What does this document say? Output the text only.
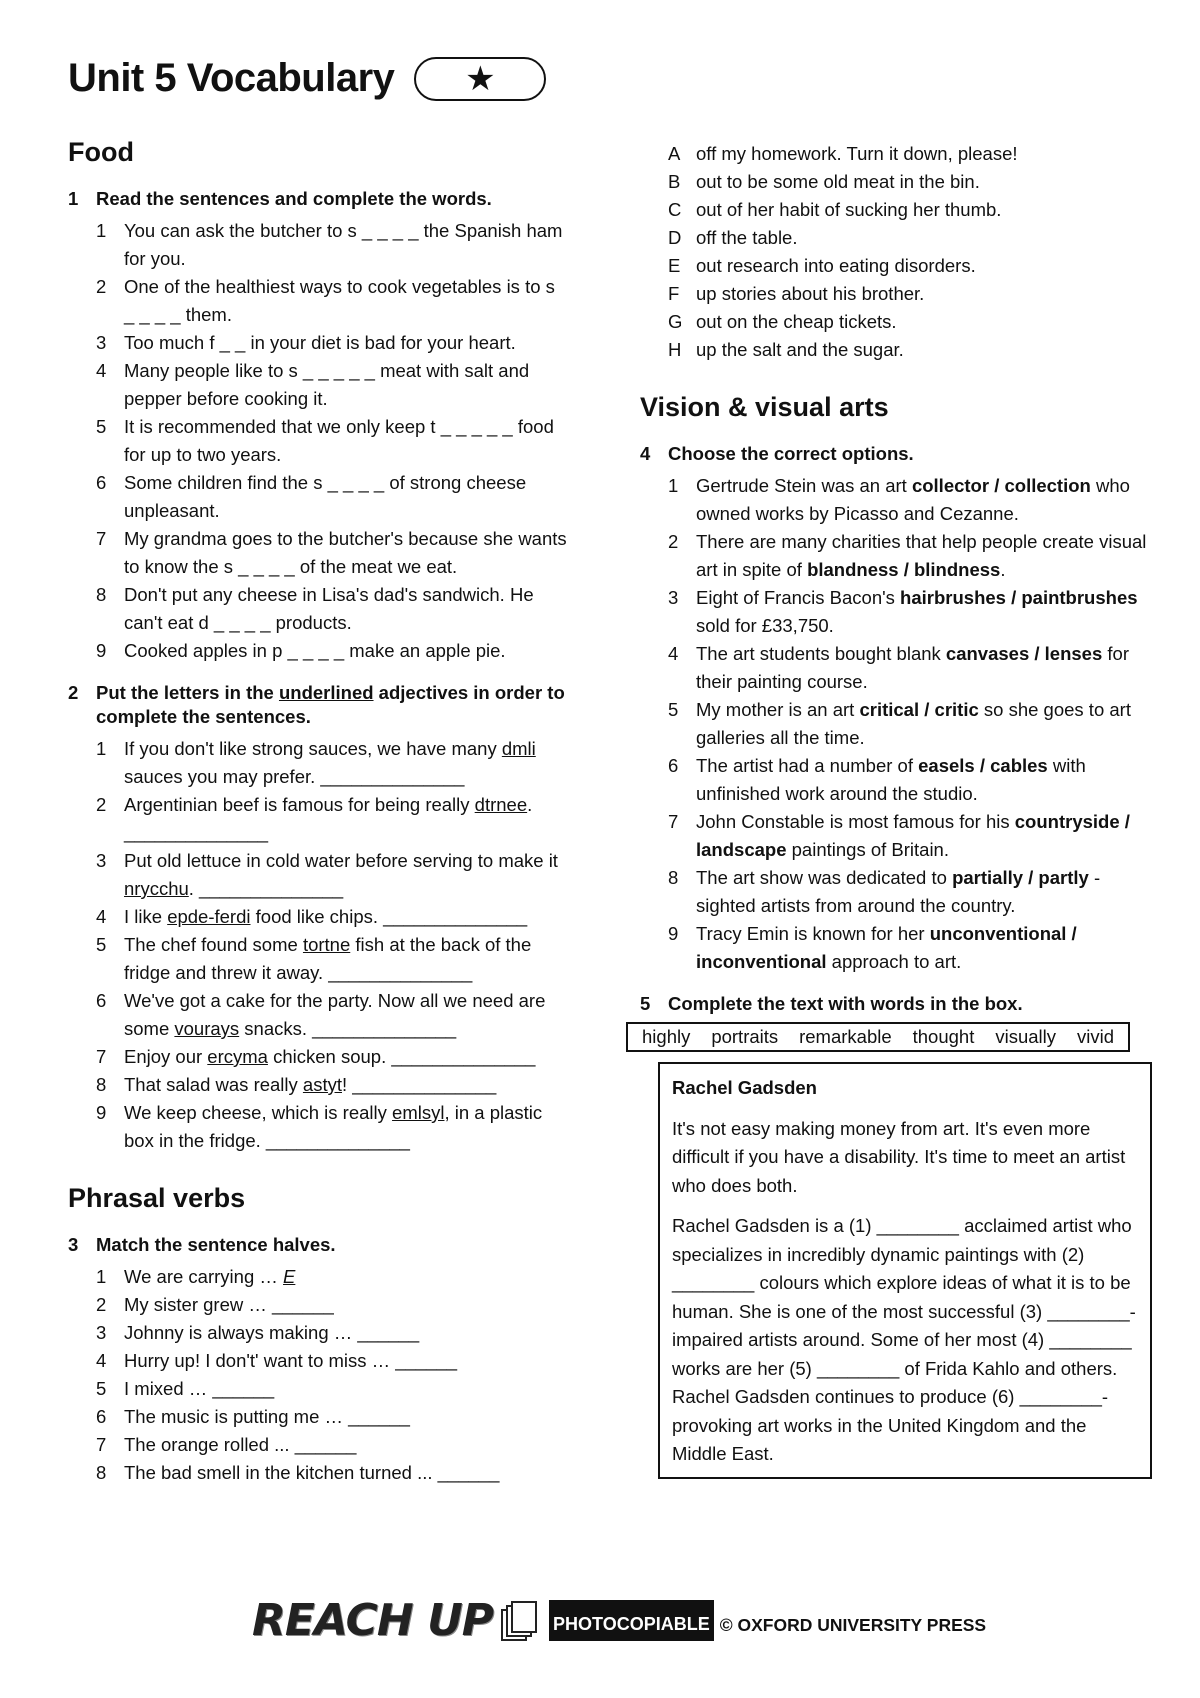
Unit 5 Vocabulary	★
Food
1 Read the sentences and complete the words.
1 You can ask the butcher to s _ _ _ _ the Spanish ham for you.
2 One of the healthiest ways to cook vegetables is to s _ _ _ _ them.
3 Too much f _ _ in your diet is bad for your heart.
4 Many people like to s _ _ _ _ _ meat with salt and pepper before cooking it.
5 It is recommended that we only keep t _ _ _ _ _ food for up to two years.
6 Some children find the s _ _ _ _ of strong cheese unpleasant.
7 My grandma goes to the butcher's because she wants to know the s _ _ _ _ of the meat we eat.
8 Don't put any cheese in Lisa's dad's sandwich. He can't eat d _ _ _ _ products.
9 Cooked apples in p _ _ _ _ make an apple pie.
2 Put the letters in the underlined adjectives in order to complete the sentences.
1 If you don't like strong sauces, we have many dmli sauces you may prefer. ______________
2 Argentinian beef is famous for being really dtrnee. ______________
3 Put old lettuce in cold water before serving to make it nrycchu. ______________
4 I like epde-ferdi food like chips. ______________
5 The chef found some tortne fish at the back of the fridge and threw it away. ______________
6 We've got a cake for the party. Now all we need are some vourays snacks. ______________
7 Enjoy our ercyma chicken soup. ______________
8 That salad was really astyt! ______________
9 We keep cheese, which is really emlsyl, in a plastic box in the fridge. ______________
Phrasal verbs
3 Match the sentence halves.
1 We are carrying … E
2 My sister grew … ______
3 Johnny is always making … ______
4 Hurry up! I don't' want to miss … ______
5 I mixed … ______
6 The music is putting me … ______
7 The orange rolled ... ______
8 The bad smell in the kitchen turned ... ______
A off my homework. Turn it down, please!
B out to be some old meat in the bin.
C out of her habit of sucking her thumb.
D off the table.
E out research into eating disorders.
F up stories about his brother.
G out on the cheap tickets.
H up the salt and the sugar.
Vision & visual arts
4 Choose the correct options.
1 Gertrude Stein was an art collector / collection who owned works by Picasso and Cezanne.
2 There are many charities that help people create visual art in spite of blandness / blindness.
3 Eight of Francis Bacon's hairbrushes / paintbrushes sold for £33,750.
4 The art students bought blank canvases / lenses for their painting course.
5 My mother is an art critical / critic so she goes to art galleries all the time.
6 The artist had a number of easels / cables with unfinished work around the studio.
7 John Constable is most famous for his countryside / landscape paintings of Britain.
8 The art show was dedicated to partially / partly -sighted artists from around the country.
9 Tracy Emin is known for her unconventional / inconventional approach to art.
5 Complete the text with words in the box.
highly portraits remarkable thought visually vivid

Rachel Gadsden

It's not easy making money from art. It's even more difficult if you have a disability. It's time to meet an artist who does both.

Rachel Gadsden is a (1) ________ acclaimed artist who specializes in incredibly dynamic paintings with (2) ________ colours which explore ideas of what it is to be human. She is one of the most successful (3) ________-impaired artists around. Some of her most (4) ________ works are her (5) ________ of Frida Kahlo and others. Rachel Gadsden continues to produce (6) ________-provoking art works in the United Kingdom and the Middle East.

REACH UP	PHOTOCOPIABLE © OXFORD UNIVERSITY PRESS
